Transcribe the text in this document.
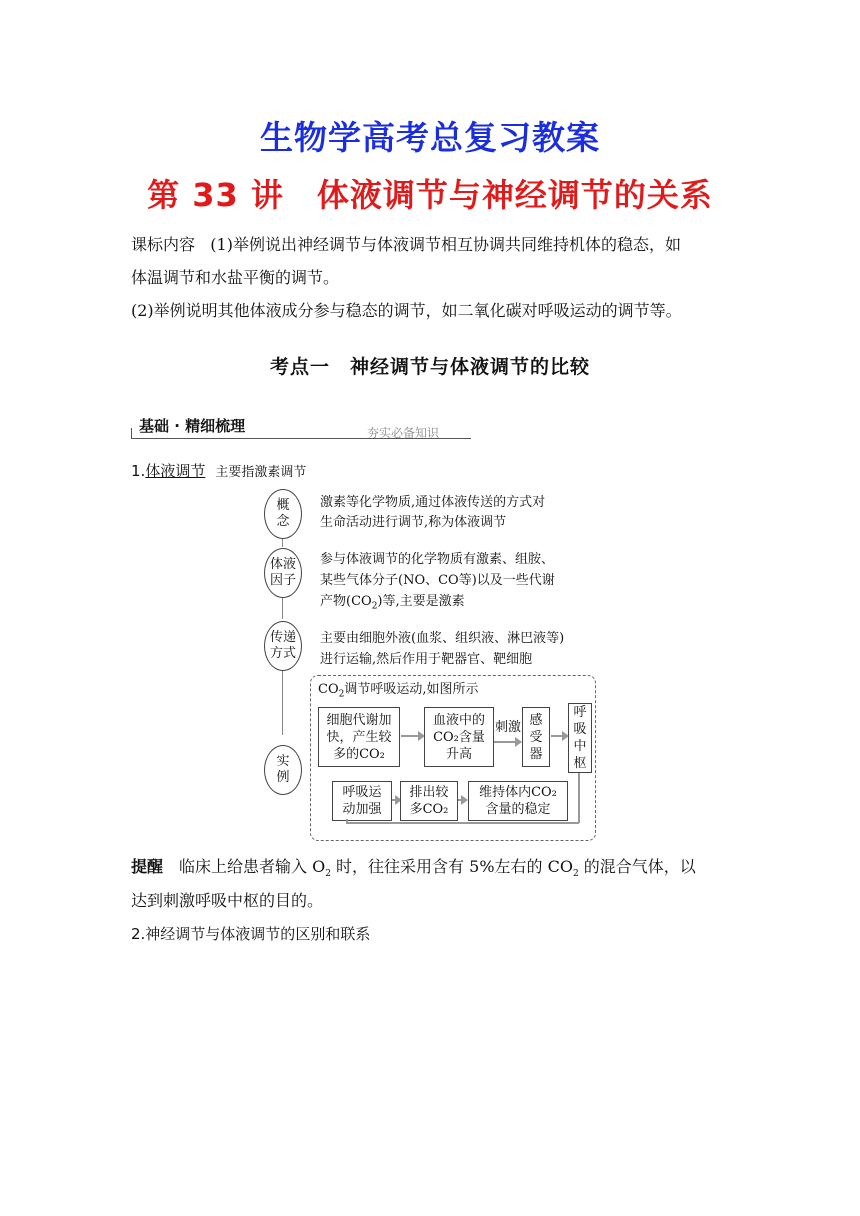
生物学高考总复习教案
第 33 讲　体液调节与神经调节的关系
课标内容 (1)举例说出神经调节与体液调节相互协调共同维持机体的稳态，如
体温调节和水盐平衡的调节。
(2)举例说明其他体液成分参与稳态的调节，如二氧化碳对呼吸运动的调节等。
考点一　神经调节与体液调节的比较
基础 · 精细梳理	夯实必备知识
1.体液调节 主要指激素调节
概
念
激素等化学物质,通过体液传送的方式对
生命活动进行调节,称为体液调节
体液
因子
参与体液调节的化学物质有激素、组胺、
某些气体分子(NO、CO等)以及一些代谢
产物$(CO_2)$等,主要是激素
传递
方式
主要由细胞外液(血浆、组织液、淋巴液等)
进行运输,然后作用于靶器官、靶细胞
实
例
$CO_2$调节呼吸运动,如图所示
细胞代谢加
快，产生较
多的CO₂
血液中的
CO₂含量
升高
刺激 感
受
器
呼
吸
中
枢
呼吸运
动加强
排出较
多CO₂
维持体内CO₂
含量的稳定
提醒　临床上给患者输入 $O_2$ 时，往往采用含有 5%左右的 $CO_2$ 的混合气体，以
达到刺激呼吸中枢的目的。
2.神经调节与体液调节的区别和联系
